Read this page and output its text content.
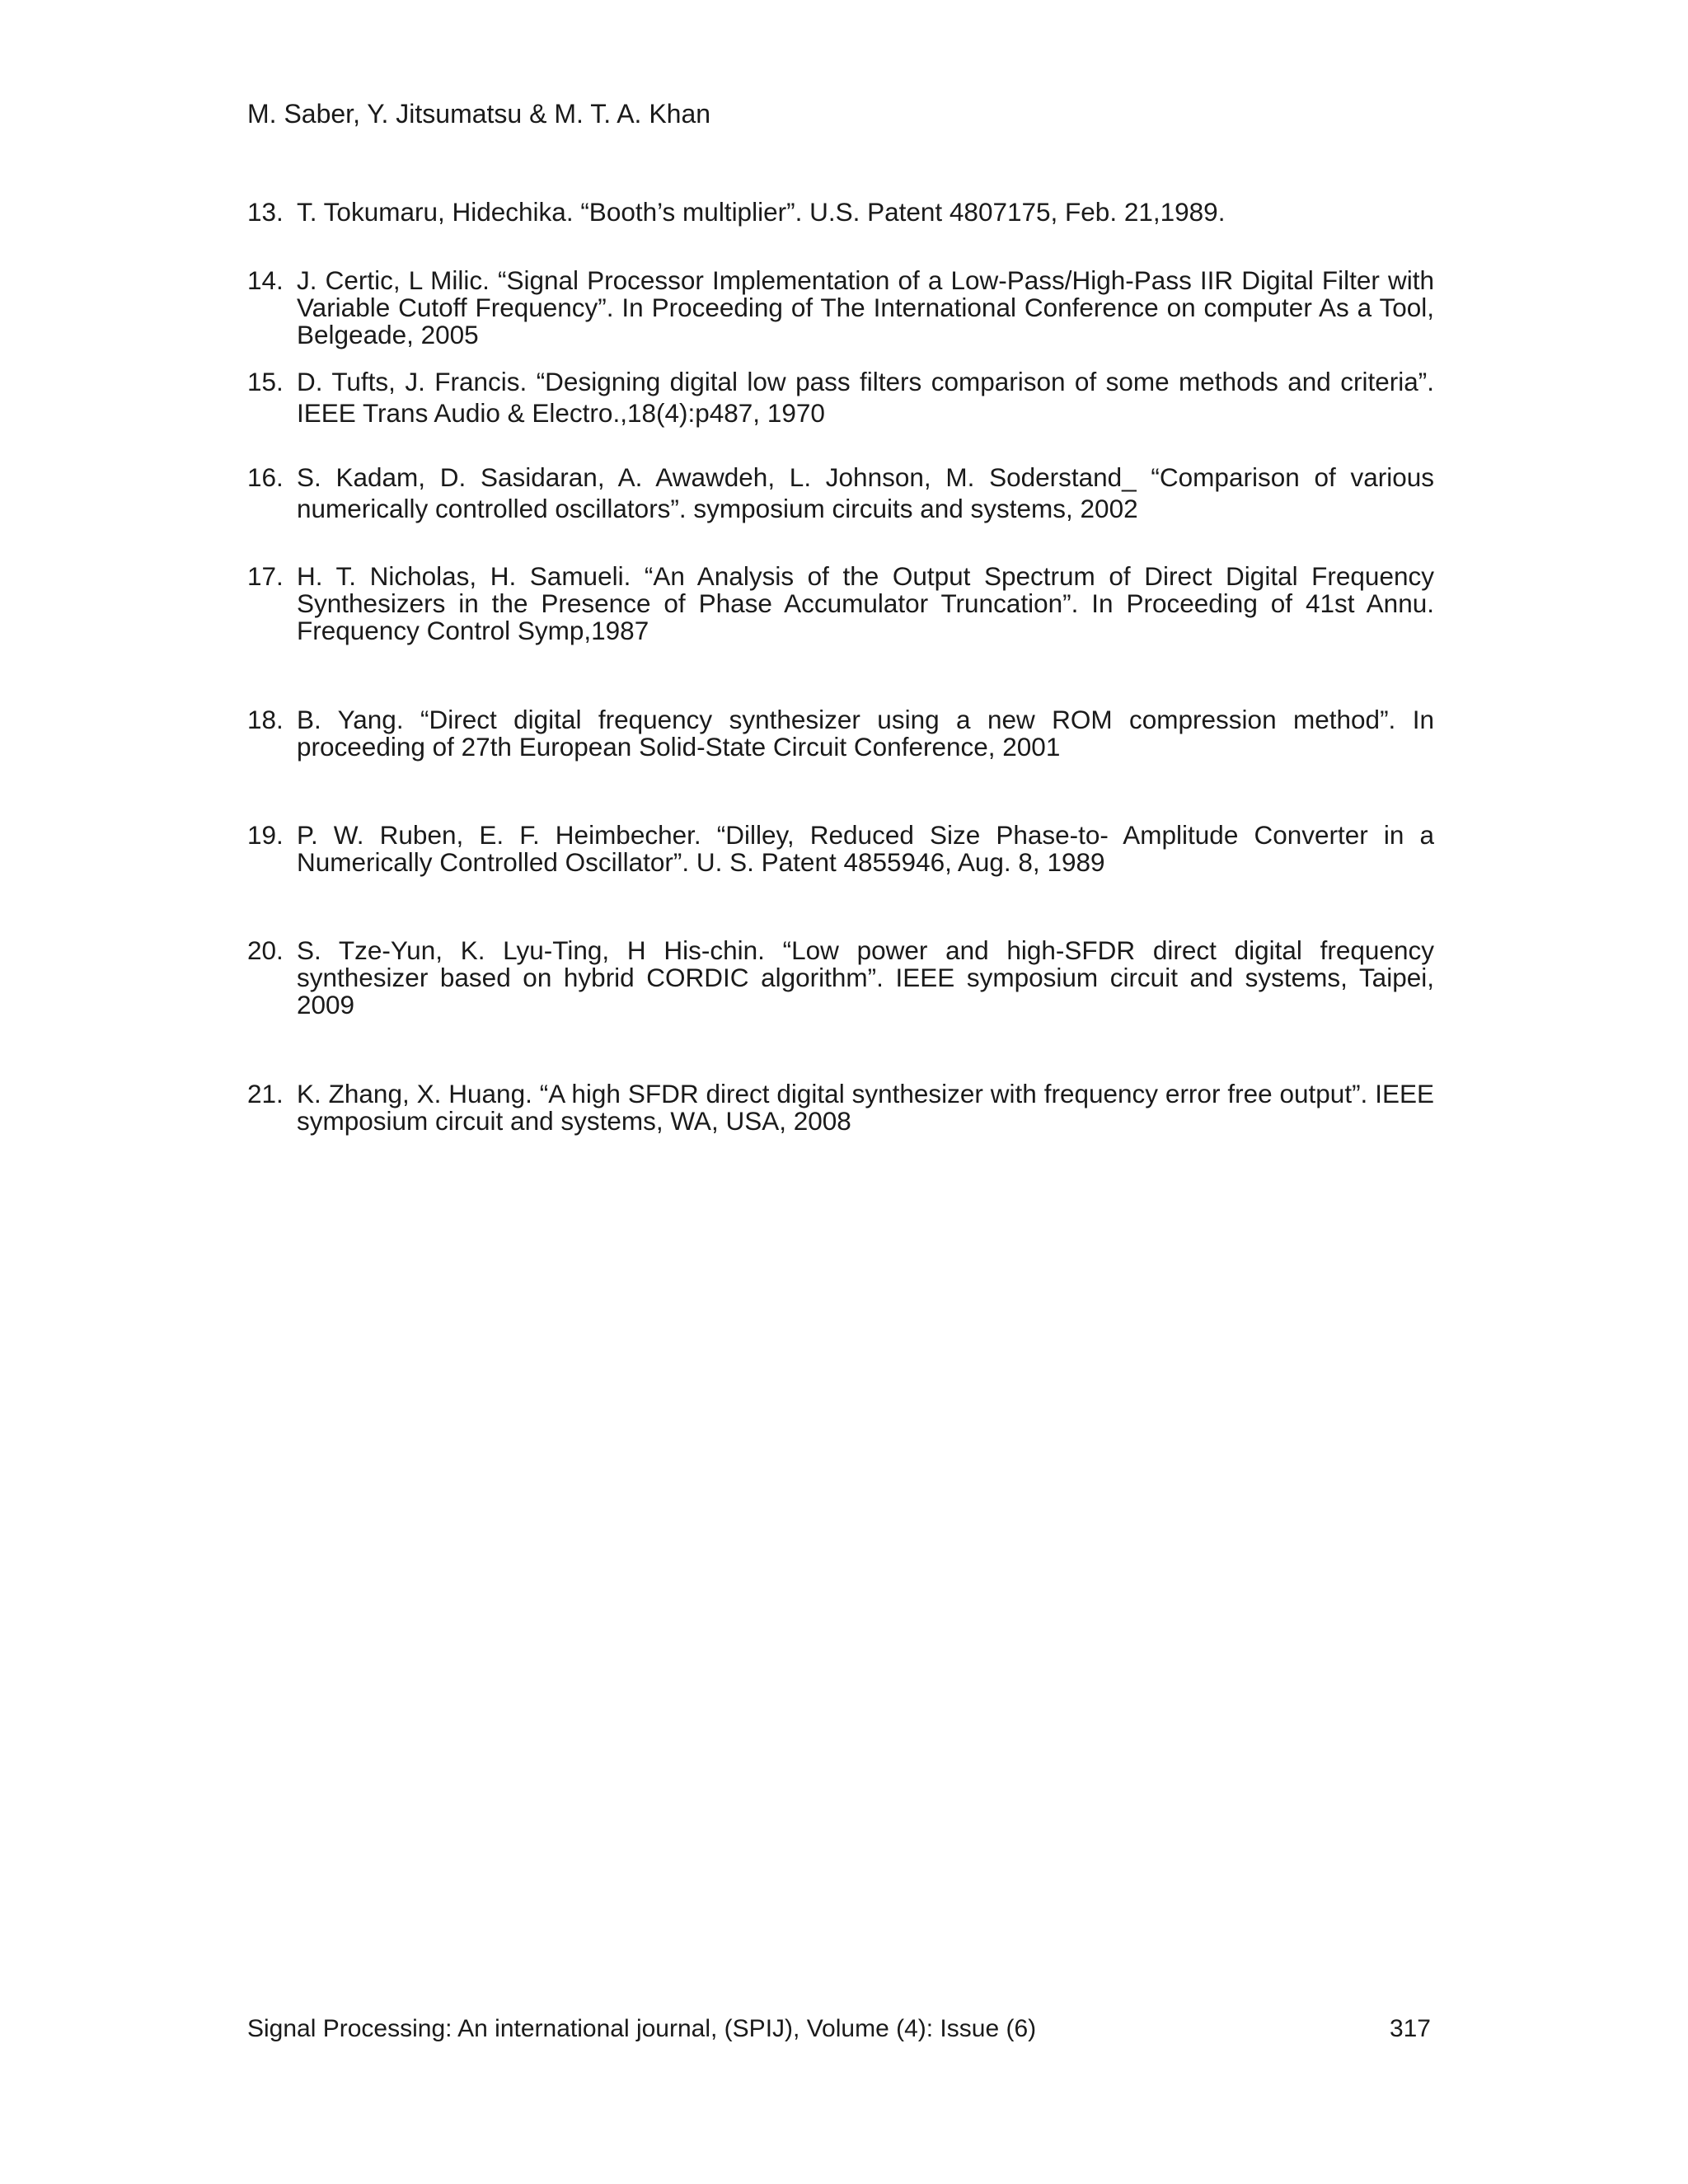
M. Saber, Y. Jitsumatsu & M. T. A. Khan
13. T. Tokumaru, Hidechika. “Booth’s multiplier”. U.S. Patent 4807175, Feb. 21,1989.
14. J. Certic, L Milic. “Signal Processor Implementation of a Low-Pass/High-Pass IIR Digital Filter with Variable Cutoff Frequency”. In Proceeding of The International Conference on computer As a Tool, Belgeade, 2005
15. D. Tufts, J. Francis. “Designing digital low pass filters comparison of some methods and criteria”. IEEE Trans Audio & Electro.,18(4):p487, 1970
16. S. Kadam, D. Sasidaran, A. Awawdeh, L. Johnson, M. Soderstand_ “Comparison of various numerically controlled oscillators”. symposium circuits and systems, 2002
17. H. T. Nicholas, H. Samueli. “An Analysis of the Output Spectrum of Direct Digital Frequency Synthesizers in the Presence of Phase Accumulator Truncation”. In Proceeding of 41st Annu. Frequency Control Symp,1987
18. B. Yang. “Direct digital frequency synthesizer using a new ROM compression method”. In proceeding of 27th European Solid-State Circuit Conference, 2001
19. P. W. Ruben, E. F. Heimbecher. “Dilley, Reduced Size Phase-to- Amplitude Converter in a Numerically Controlled Oscillator”. U. S. Patent 4855946, Aug. 8, 1989
20. S. Tze-Yun, K. Lyu-Ting, H His-chin. “Low power and high-SFDR direct digital frequency synthesizer based on hybrid CORDIC algorithm”. IEEE symposium circuit and systems, Taipei, 2009
21. K. Zhang, X. Huang. “A high SFDR direct digital synthesizer with frequency error free output”. IEEE symposium circuit and systems, WA, USA, 2008
Signal Processing: An international journal, (SPIJ), Volume (4): Issue (6)	317
